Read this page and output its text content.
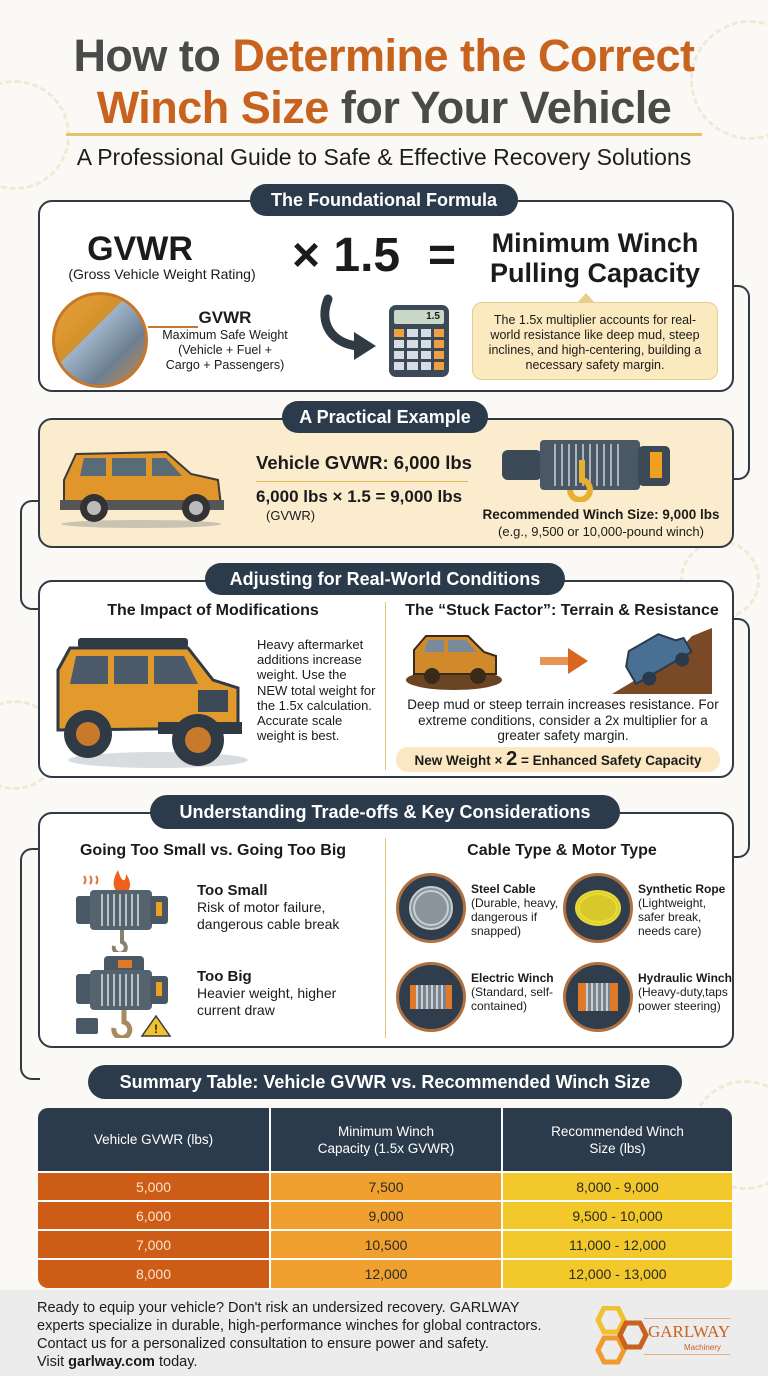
How to Determine the Correct
Winch Size for Your Vehicle
A Professional Guide to Safe & Effective Recovery Solutions
The Foundational Formula
GVWR
(Gross Vehicle Weight Rating) × 1.5 =	Minimum Winch
Pulling Capacity
GVWR
Maximum Safe Weight
(Vehicle + Fuel +
Cargo + Passengers)
1.5	The 1.5x multiplier accounts for real-world resistance like deep mud, steep inclines, and high-centering, building a necessary safety margin.
A Practical Example
Vehicle GVWR: 6,000 lbs
6,000 lbs × 1.5 = 9,000 lbs
(GVWR)	Recommended Winch Size: 9,000 lbs
(e.g., 9,500 or 10,000-pound winch)
Adjusting for Real-World Conditions
The Impact of Modifications
Heavy aftermarket additions increase weight. Use the NEW total weight for the 1.5x calculation. Accurate scale weight is best.
The “Stuck Factor”: Terrain & Resistance
Deep mud or steep terrain increases resistance. For extreme conditions, consider a 2x multiplier for a greater safety margin.
New Weight × 2 = Enhanced Safety Capacity
Understanding Trade-offs & Key Considerations
Going Too Small vs. Going Too Big
Too Small
Risk of motor failure, dangerous cable break
!
Too Big
Heavier weight, higher current draw
Cable Type & Motor Type
Steel Cable
(Durable, heavy, dangerous if snapped)
Synthetic Rope
(Lightweight, safer break, needs care)
Electric Winch
(Standard, self-contained)
Hydraulic Winch
(Heavy-duty,taps power steering)
Summary Table: Vehicle GVWR vs. Recommended Winch Size
Vehicle GVWR (lbs)	Minimum Winch Capacity (1.5x GVWR)	Recommended Winch Size (lbs)
5,000	7,500	8,000 - 9,000
6,000	9,000	9,500 - 10,000
7,000	10,500	11,000 - 12,000
8,000	12,000	12,000 - 13,000
Ready to equip your vehicle? Don't risk an undersized recovery. GARLWAY
experts specialize in durable, high-performance winches for global contractors.
Contact us for a personalized consultation to ensure power and safety.
Visit garlway.com today.
GARLWAY
Machinery
